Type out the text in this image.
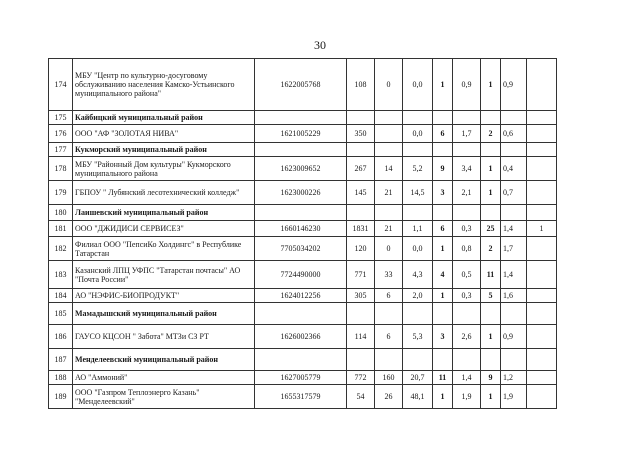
30
174	МБУ "Центр по культурно-досуговому обслуживанию населения Камско-Устьинского муниципального района"	1622005768	108	0	0,0	1	0,9	1	0,9	
175	Кайбицкий муниципальный район									
176	ООО "АФ "ЗОЛОТАЯ НИВА"	1621005229	350		0,0	6	1,7	2	0,6	
177	Кукморский муниципальный район									
178	МБУ "Районный Дом культуры" Кукморского муниципального района	1623009652	267	14	5,2	9	3,4	1	0,4	
179	ГБПОУ " Лубянский лесотехнический колледж"	1623000226	145	21	14,5	3	2,1	1	0,7	
180	Лаишевский муниципальный район									
181	ООО "ДЖИДИСИ СЕРВИСЕЗ"	1660146230	1831	21	1,1	6	0,3	25	1,4	1
182	Филиал ООО "ПепсиКо Холдингс" в Республике Татарстан	7705034202	120	0	0,0	1	0,8	2	1,7	
183	Казанский ЛПЦ УФПС "Татарстан почтасы" АО "Почта России"	7724490000	771	33	4,3	4	0,5	11	1,4	
184	АО "НЭФИС-БИОПРОДУКТ"	1624012256	305	6	2,0	1	0,3	5	1,6	
185	Мамадышский муниципальный район									
186	ГАУСО КЦСОН " Забота" МТЗи СЗ РТ	1626002366	114	6	5,3	3	2,6	1	0,9	
187	Менделеевский муниципальный район									
188	АО "Аммоний"	1627005779	772	160	20,7	11	1,4	9	1,2	
189	ООО "Газпром Теплоэнерго Казань" "Менделеевский"	1655317579	54	26	48,1	1	1,9	1	1,9	
